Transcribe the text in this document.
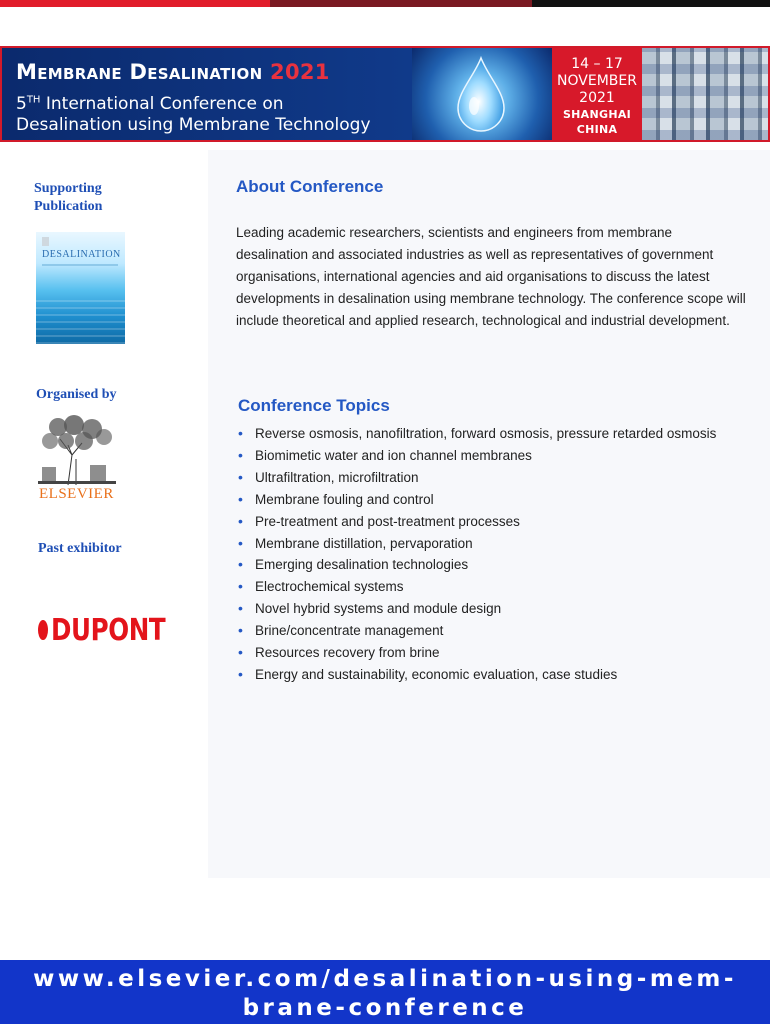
Membrane Desalination 2021
5TH International Conference on
Desalination using Membrane Technology
14 – 17
NOVEMBER
2021
SHANGHAI
CHINA
Supporting
Publication
DESALINATION
Organised by
ELSEVIER
Past exhibitor
DUPONT
About Conference

Leading academic researchers, scientists and engineers from membrane desalination and associated industries as well as representatives of government organisations, international agencies and aid organisations to discuss the latest developments in desalination using membrane technology. The conference scope will include theoretical and applied research, technological and industrial development.

Conference Topics
• Reverse osmosis, nanofiltration, forward osmosis, pressure retarded osmosis
• Biomimetic water and ion channel membranes
• Ultrafiltration, microfiltration
• Membrane fouling and control
• Pre-treatment and post-treatment processes
• Membrane distillation, pervaporation
• Emerging desalination technologies
• Electrochemical systems
• Novel hybrid systems and module design
• Brine/concentrate management
• Resources recovery from brine
• Energy and sustainability, economic evaluation, case studies
www.elsevier.com/desalination-using-mem-
brane-conference
